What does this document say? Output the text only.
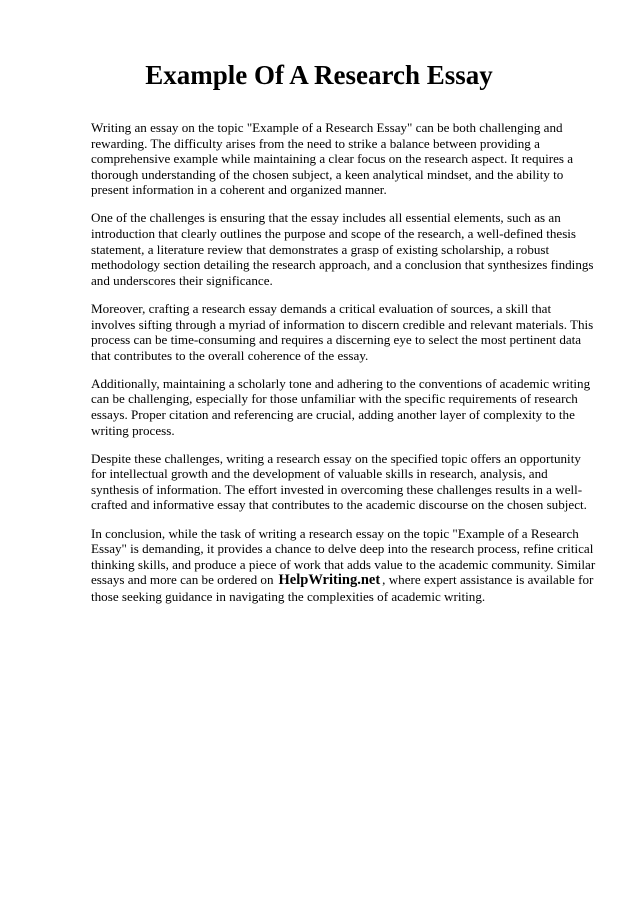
Example Of A Research Essay

Writing an essay on the topic "Example of a Research Essay" can be both challenging and rewarding. The difficulty arises from the need to strike a balance between providing a comprehensive example while maintaining a clear focus on the research aspect. It requires a thorough understanding of the chosen subject, a keen analytical mindset, and the ability to present information in a coherent and organized manner.

One of the challenges is ensuring that the essay includes all essential elements, such as an introduction that clearly outlines the purpose and scope of the research, a well-defined thesis statement, a literature review that demonstrates a grasp of existing scholarship, a robust methodology section detailing the research approach, and a conclusion that synthesizes findings and underscores their significance.

Moreover, crafting a research essay demands a critical evaluation of sources, a skill that involves sifting through a myriad of information to discern credible and relevant materials. This process can be time-consuming and requires a discerning eye to select the most pertinent data that contributes to the overall coherence of the essay.

Additionally, maintaining a scholarly tone and adhering to the conventions of academic writing can be challenging, especially for those unfamiliar with the specific requirements of research essays. Proper citation and referencing are crucial, adding another layer of complexity to the writing process.

Despite these challenges, writing a research essay on the specified topic offers an opportunity for intellectual growth and the development of valuable skills in research, analysis, and synthesis of information. The effort invested in overcoming these challenges results in a well-crafted and informative essay that contributes to the academic discourse on the chosen subject.

In conclusion, while the task of writing a research essay on the topic "Example of a Research Essay" is demanding, it provides a chance to delve deep into the research process, refine critical thinking skills, and produce a piece of work that adds value to the academic community. Similar essays and more can be ordered on HelpWriting.net , where expert assistance is available for those seeking guidance in navigating the complexities of academic writing.
